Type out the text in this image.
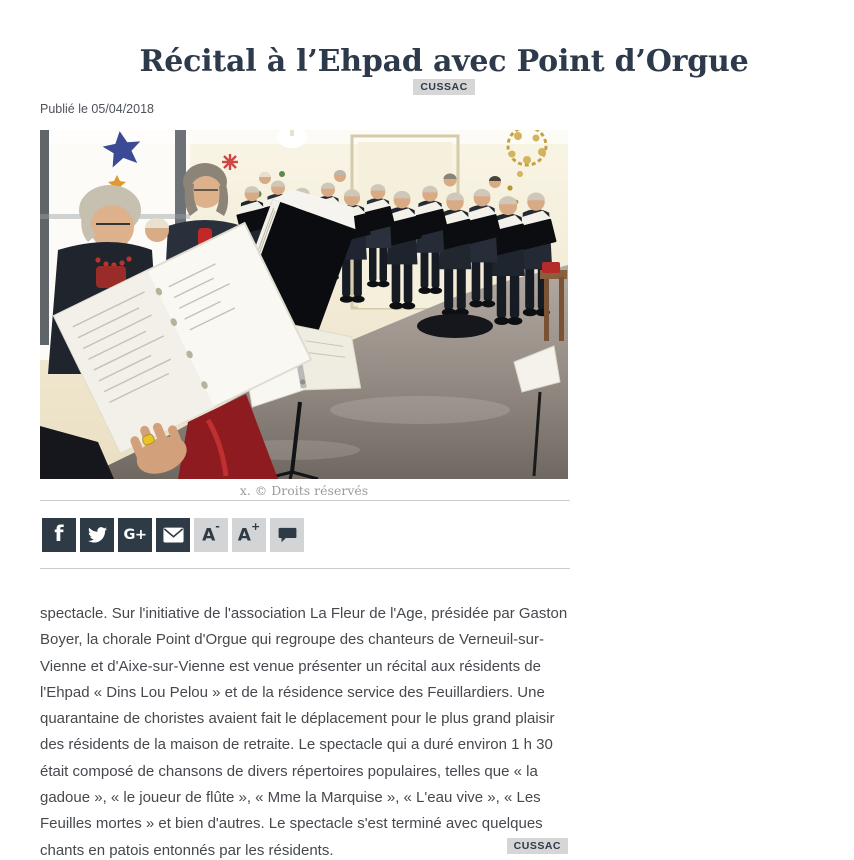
Récital à l’Ehpad avec Point d’Orgue
CUSSAC
Publié le 05/04/2018
x. © Droits réservés
f	G+	A- A+

spectacle. Sur l'initiative de l'association La Fleur de l'Age, présidée par Gaston Boyer, la chorale Point d'Orgue qui regroupe des chanteurs de Verneuil-sur-Vienne et d'Aixe-sur-Vienne est venue présenter un récital aux résidents de l'Ehpad « Dins Lou Pelou » et de la résidence service des Feuillardiers. Une quarantaine de choristes avaient fait le déplacement pour le plus grand plaisir des résidents de la maison de retraite. Le spectacle qui a duré environ 1 h 30 était composé de chansons de divers répertoires populaires, telles que « la gadoue », « le joueur de flûte », « Mme la Marquise », « L'eau vive », « Les Feuilles mortes » et bien d'autres. Le spectacle s'est terminé avec quelques chants en patois entonnés par les résidents.	CUSSAC
